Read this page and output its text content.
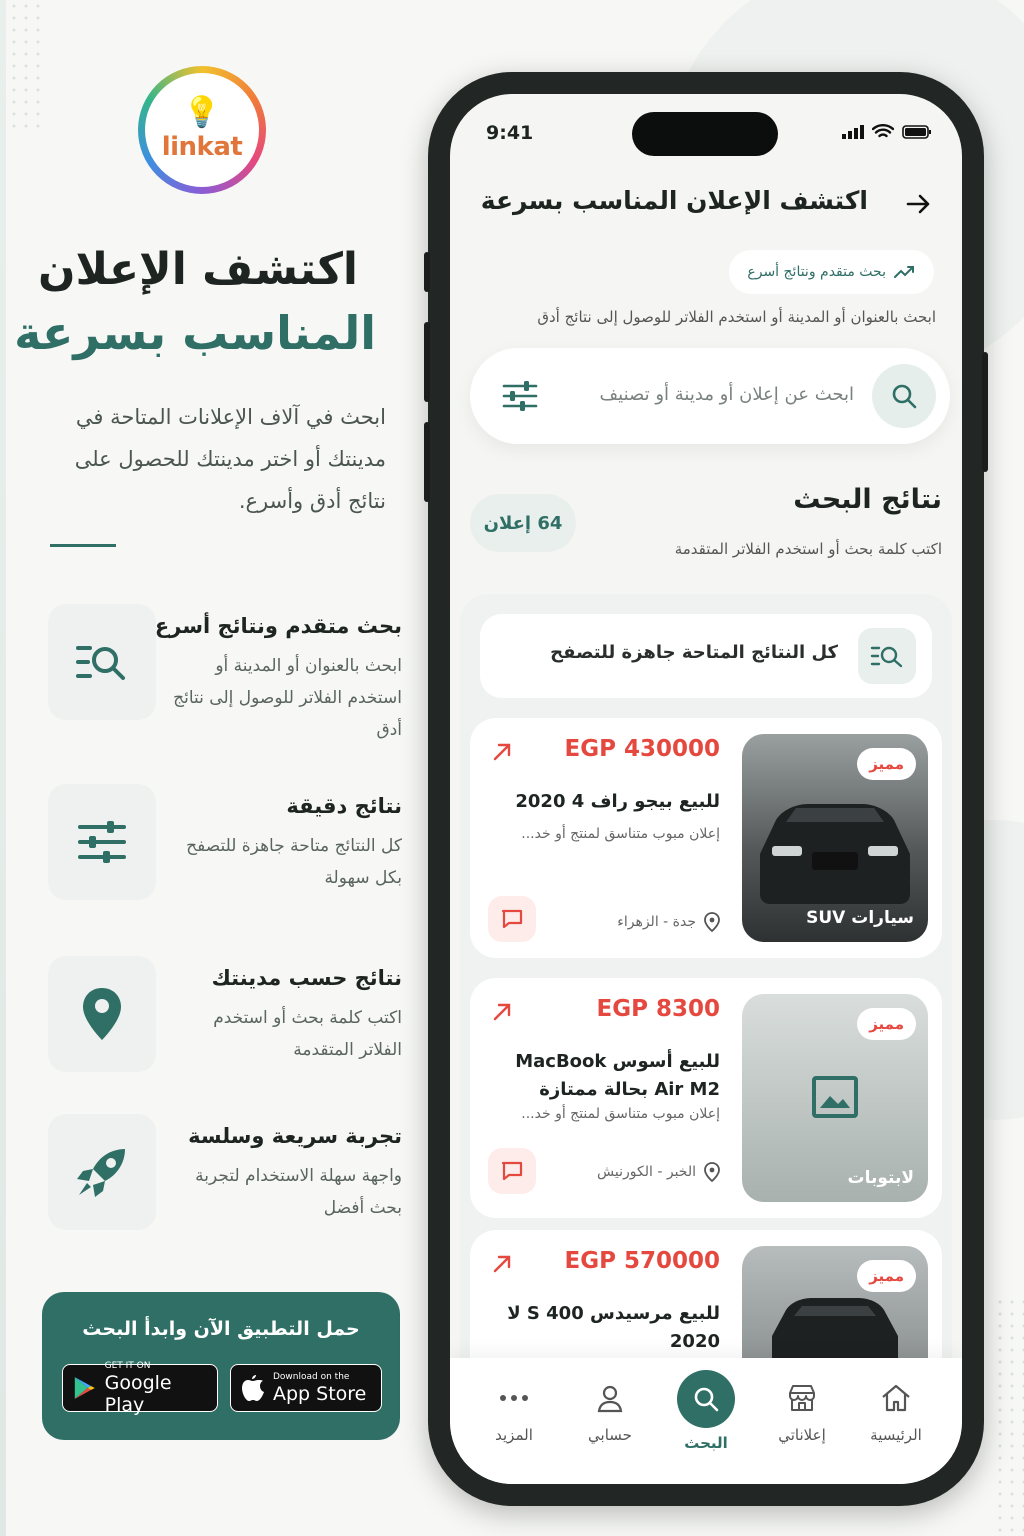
💡
linkat
اكتشف الإعلان
المناسب بسرعة

ابحث في آلاف الإعلانات المتاحة في مدينتك أو اختر مدينتك للحصول على نتائج أدق وأسرع.

بحث متقدم ونتائج أسرع
ابحث بالعنوان أو المدينة أو استخدم الفلاتر للوصول إلى نتائج أدق
نتائج دقيقة
كل النتائج متاحة جاهزة للتصفح بكل سهولة
نتائج حسب مدينتك
اكتب كلمة بحث أو استخدم الفلاتر المتقدمة
تجربة سريعة وسلسة
واجهة سهلة الاستخدام لتجربة بحث أفضل
حمل التطبيق الآن وابدأ البحث
GET IT ON
Google Play
Download on the
App Store
9:41
اكتشف الإعلان المناسب بسرعة
بحث متقدم ونتائج أسرع
ابحث بالعنوان أو المدينة أو استخدم الفلاتر للوصول إلى نتائج أدق
ابحث عن إعلان أو مدينة أو تصنيف
نتائج البحث
اكتب كلمة بحث أو استخدم الفلاتر المتقدمة
64 إعلان
كل النتائج المتاحة جاهزة للتصفح
مميز
سيارات SUV
EGP 430000
للبيع بيجو راف 4 2020
إعلان مبوب متناسق لمنتج أو خد...
جدة - الزهراء
مميز
لابتوبات
EGP 8300
للبيع أسوس MacBook Air M2 بحالة ممتازة
إعلان مبوب متناسق لمنتج أو خد...
الخبر - الكورنيش
مميز
EGP 570000
للبيع مرسيدس S 400 لا 2020
الرئيسية
إعلاناتي
البحث
حسابي
المزيد
